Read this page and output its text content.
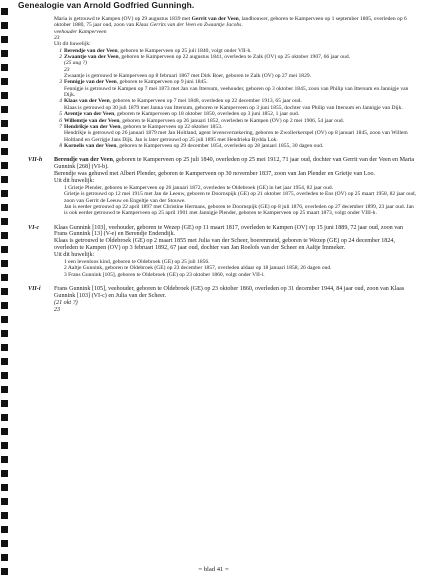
Genealogie van Arnold Godfried Gunningh.

Maria is getrouwd te Kampen (OV) op 29 augustus 1839 met Gerrit van der Veen, landbouwer, geboren te Kamperveen op 1 september 1805, overleden op 6 oktober 1880, 75 jaar oud, zoon van Klaas Gerrits van der Veen en Zwaantje Jacobs.

veehouder Kamperveen

23

Uit dit huwelijk:

1 Berendje van der Veen, geboren te Kamperveen op 25 juli 1840, volgt onder VII-h.
2 Zwaantje van der Veen, geboren te Kamperveen op 22 augustus 1841, overleden te Zalk (OV) op 25 oktober 1907, 66 jaar oud.
(25 aug ?)
23
Zwaantje is getrouwd te Kamperveen op 8 februari 1867 met Dirk Boer, geboren te Zalk (OV) op 27 mei 1829.
3 Fennigje van der Veen, geboren te Kamperveen op 9 juni 1845.
Fennigje is getrouwd te Kampen op 7 mei 1873 met Jan van Ittersum, veehouder, geboren op 3 oktober 1845, zoon van Philip van Ittersum en Jannigje van Dijk.
4 Klaas van der Veen, geboren te Kamperveen op 7 mei 1848, overleden op 22 december 1913, 65 jaar oud.
Klaas is getrouwd op 30 juli 1879 met Janna van Ittersum, geboren te Kamperveen op 3 juni 1855, dochter van Philip van Ittersum en Jannigje van Dijk.
5 Arentje van der Veen, geboren te Kamperveen op 18 oktober 1850, overleden op 3 juni 1852, 1 jaar oud.
6 Willemtje van der Veen, geboren te Kamperveen op 26 januari 1852, overleden te Kampen (OV) op 2 mei 1906, 54 jaar oud.
7 Hendrikje van der Veen, geboren te Kamperveen op 22 oktober 1853.
Hendrikje is getrouwd op 26 januari 1879 met Jan Holtland, agent levensverzekering, geboren te Zwollerkerspel (OV) op 8 januari 1845, zoon van Willem Holtland en Gerrigje Jans Dijk. Jan is later getrouwd op 25 juli 1895 met Hendrieka Bydda Lok.
8 Kornelis van der Veen, geboren te Kamperveen op 29 december 1854, overleden op 28 januari 1855, 30 dagen oud.
VII-h Berendje van der Veen, geboren te Kamperveen op 25 juli 1840, overleden op 25 mei 1912, 71 jaar oud, dochter van Gerrit van der Veen en Maria Gunnink [268] (VI-b).
Berendje was gehuwd met Albert Plender, geboren te Kamperveen op 30 november 1837, zoon van Jan Plender en Grietje van Loo.
Uit dit huwelijk:
1 Grietje Plender, geboren te Kamperveen op 26 januari 1872, overleden te Oldebroek (GE) in het jaar 1954, 82 jaar oud.
Grietje is getrouwd op 12 mei 1915 met Jan de Leeuw, geboren te Doornspijk (GE) op 21 oktober 1875, overleden te Ens (OV) op 25 maart 1958, 82 jaar oud, zoon van Gerrit de Leeuw en Engeltje van der Stouwe.
Jan is eerder getrouwd op 22 april 1897 met Christine Hermans, geboren te Doornspijk (GE) op 8 juli 1876, overleden op 27 december 1899, 23 jaar oud. Jan is ook eerder getrouwd te Kamperveen op 25 april 1901 met Jannigje Plender, geboren te Kamperveen op 25 maart 1873, volgt onder VIII-h.
VI-c Klaas Gunnink [103], veehouder, geboren te Wezep (GE) op 11 maart 1817, overleden te Kampen (OV) op 15 juni 1889, 72 jaar oud, zoon van Frans Gunnink [13] (V-e) en Berendje Endendijk.
Klaas is getrouwd te Oldebroek (GE) op 2 maart 1855 met Julia van der Scheer, boerenmeid, geboren te Wezep (GE) op 24 december 1824, overleden te Kampen (OV) op 3 februari 1892, 67 jaar oud, dochter van Jan Roelofs van der Scheer en Aaltje Immeker.
Uit dit huwelijk:
1 een levenloos kind, geboren te Oldebroek (GE) op 25 juli 1856.
2 Aaltje Gunnink, geboren te Oldebroek (GE) op 23 december 1857, overleden aldaar op 18 januari 1858, 26 dagen oud.
3 Frans Gunnink [105], geboren te Oldebroek (GE) op 23 oktober 1860, volgt onder VII-i.
VII-i Frans Gunnink [105], veehouder, geboren te Oldebroek (GE) op 23 oktober 1860, overleden op 31 december 1944, 84 jaar oud, zoon van Klaas Gunnink [103] (VI-c) en Julia van der Scheer.
(21 okt ?)
23
= blad 41 =
